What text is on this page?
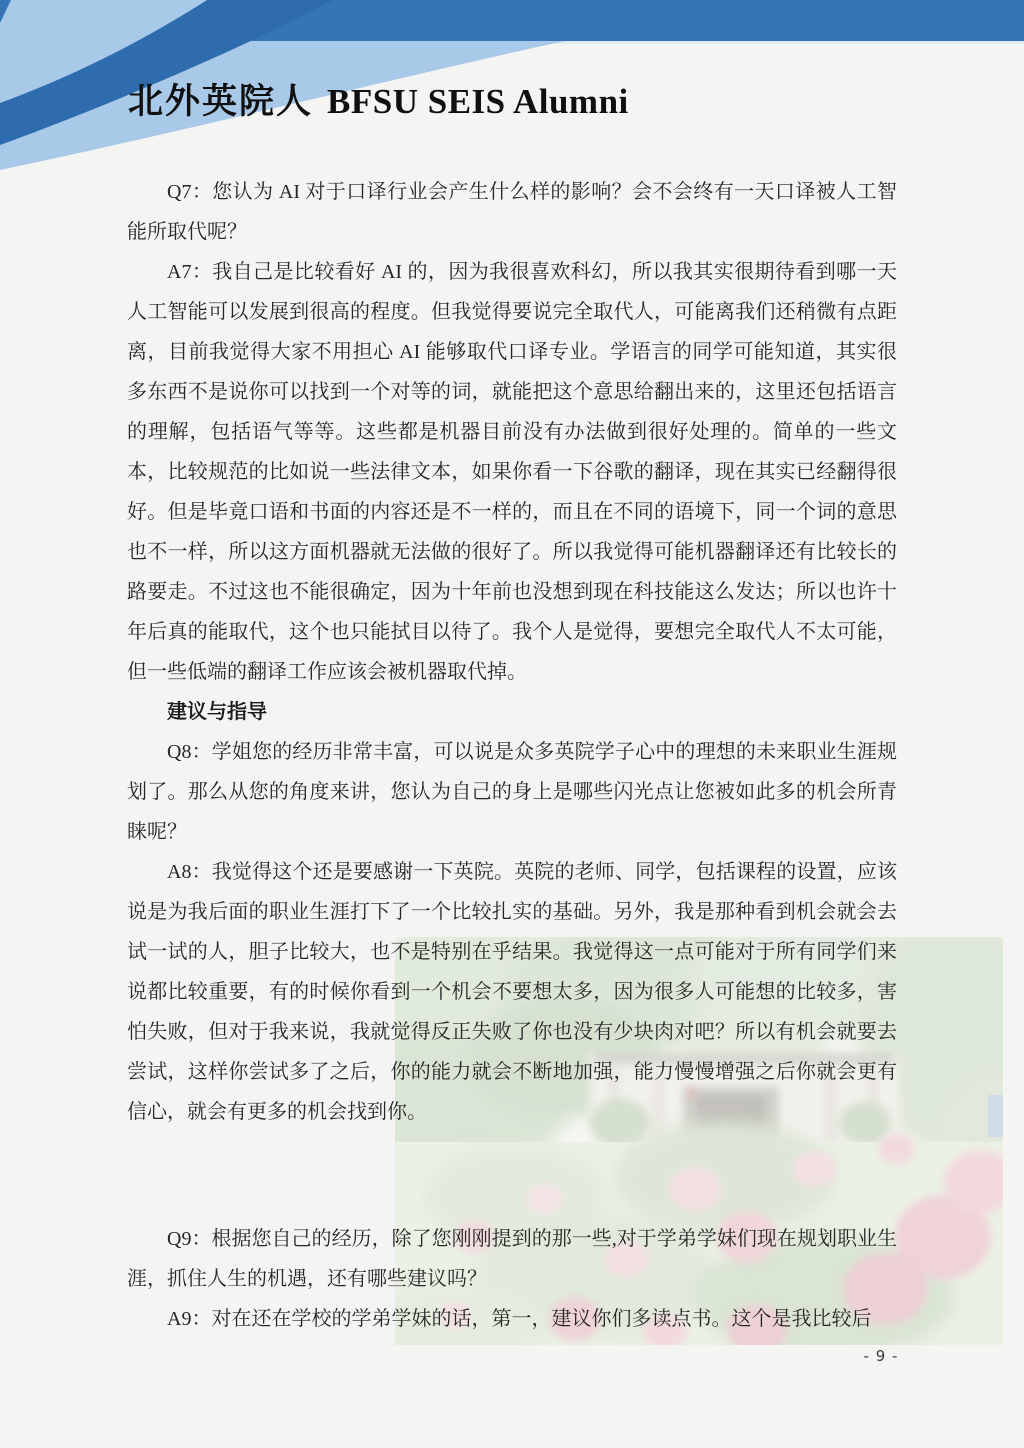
北外英院人 BFSU SEIS Alumni
SEIS

Q7：您认为 AI 对于口译行业会产生什么样的影响？会不会终有一天口译被人工智能所取代呢？

A7：我自己是比较看好 AI 的，因为我很喜欢科幻，所以我其实很期待看到哪一天人工智能可以发展到很高的程度。但我觉得要说完全取代人，可能离我们还稍微有点距离，目前我觉得大家不用担心 AI 能够取代口译专业。学语言的同学可能知道，其实很多东西不是说你可以找到一个对等的词，就能把这个意思给翻出来的，这里还包括语言的理解，包括语气等等。这些都是机器目前没有办法做到很好处理的。简单的一些文本，比较规范的比如说一些法律文本，如果你看一下谷歌的翻译，现在其实已经翻得很好。但是毕竟口语和书面的内容还是不一样的，而且在不同的语境下，同一个词的意思也不一样，所以这方面机器就无法做的很好了。所以我觉得可能机器翻译还有比较长的路要走。不过这也不能很确定，因为十年前也没想到现在科技能这么发达；所以也许十年后真的能取代，这个也只能拭目以待了。我个人是觉得，要想完全取代人不太可能，但一些低端的翻译工作应该会被机器取代掉。

建议与指导

Q8：学姐您的经历非常丰富，可以说是众多英院学子心中的理想的未来职业生涯规划了。那么从您的角度来讲，您认为自己的身上是哪些闪光点让您被如此多的机会所青睐呢？

A8：我觉得这个还是要感谢一下英院。英院的老师、同学，包括课程的设置，应该说是为我后面的职业生涯打下了一个比较扎实的基础。另外，我是那种看到机会就会去试一试的人，胆子比较大，也不是特别在乎结果。我觉得这一点可能对于所有同学们来说都比较重要，有的时候你看到一个机会不要想太多，因为很多人可能想的比较多，害怕失败，但对于我来说，我就觉得反正失败了你也没有少块肉对吧？所以有机会就要去尝试，这样你尝试多了之后，你的能力就会不断地加强，能力慢慢增强之后你就会更有信心，就会有更多的机会找到你。

Q9：根据您自己的经历，除了您刚刚提到的那一些,对于学弟学妹们现在规划职业生涯，抓住人生的机遇，还有哪些建议吗？

A9：对在还在学校的学弟学妹的话，第一，建议你们多读点书。这个是我比较后

- 9 -
